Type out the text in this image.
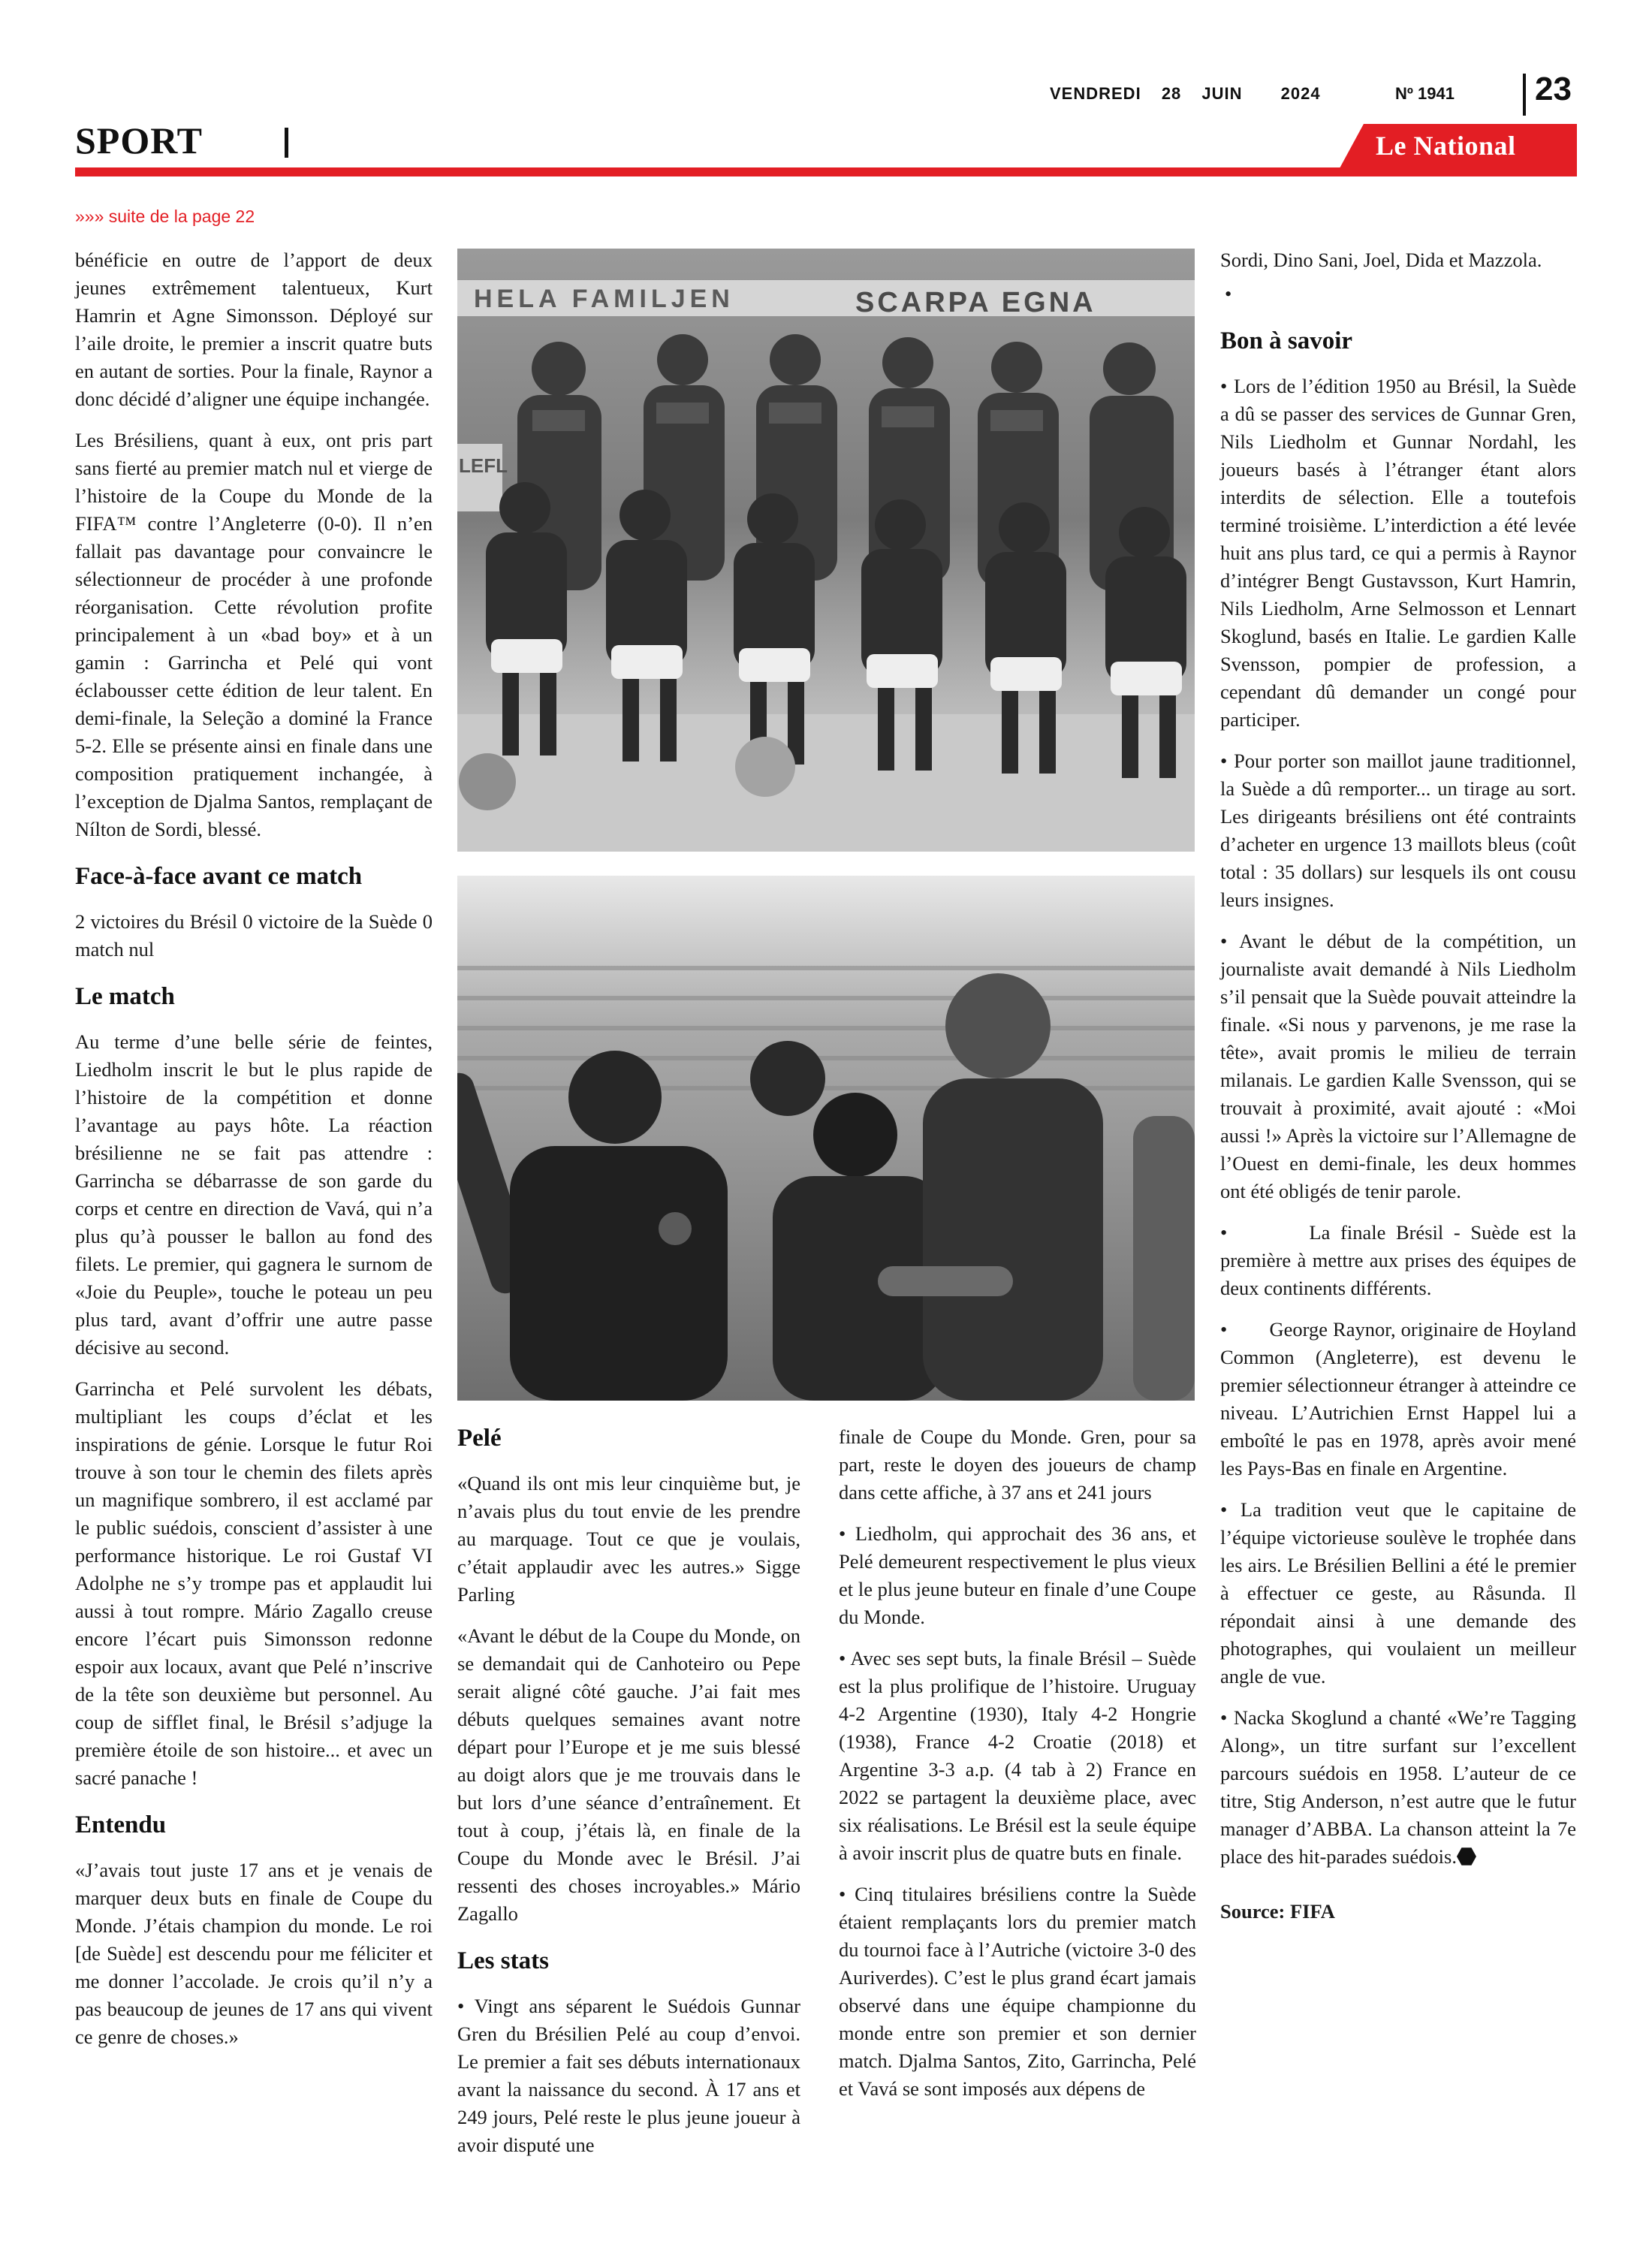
VENDREDI 28 JUIN 2024	Nº 1941 23
SPORT	Le National
»»» suite de la page 22

bénéficie en outre de l’apport de deux jeunes extrêmement talentueux, Kurt Hamrin et Agne Simonsson. Déployé sur l’aile droite, le premier a inscrit quatre buts en autant de sorties. Pour la finale, Raynor a donc décidé d’aligner une équipe inchangée.

Les Brésiliens, quant à eux, ont pris part sans fierté au premier match nul et vierge de l’histoire de la Coupe du Monde de la FIFA™ contre l’Angleterre (0-0). Il n’en fallait pas davantage pour convaincre le sélectionneur de procéder à une profonde réorganisation. Cette révolution profite principalement à un «bad boy» et à un gamin : Garrincha et Pelé qui vont éclabousser cette édition de leur talent. En demi-finale, la Seleção a dominé la France 5-2. Elle se présente ainsi en finale dans une composition pratiquement inchangée, à l’exception de Djalma Santos, remplaçant de Nílton de Sordi, blessé.

Face-à-face avant ce match

2 victoires du Brésil 0 victoire de la Suède 0 match nul

Le match

Au terme d’une belle série de feintes, Liedholm inscrit le but le plus rapide de l’histoire de la compétition et donne l’avantage au pays hôte. La réaction brésilienne ne se fait pas attendre : Garrincha se débarrasse de son garde du corps et centre en direction de Vavá, qui n’a plus qu’à pousser le ballon au fond des filets. Le premier, qui gagnera le surnom de «Joie du Peuple», touche le poteau un peu plus tard, avant d’offrir une autre passe décisive au second.

Garrincha et Pelé survolent les débats, multipliant les coups d’éclat et les inspirations de génie. Lorsque le futur Roi trouve à son tour le chemin des filets après un magnifique sombrero, il est acclamé par le public suédois, conscient d’assister à une performance historique. Le roi Gustaf VI Adolphe ne s’y trompe pas et applaudit lui aussi à tout rompre. Mário Zagallo creuse encore l’écart puis Simonsson redonne espoir aux locaux, avant que Pelé n’inscrive de la tête son deuxième but personnel. Au coup de sifflet final, le Brésil s’adjuge la première étoile de son histoire... et avec un sacré panache !

Entendu

«J’avais tout juste 17 ans et je venais de marquer deux buts en finale de Coupe du Monde. J’étais champion du monde. Le roi [de Suède] est descendu pour me féliciter et me donner l’accolade. Je crois qu’il n’y a pas beaucoup de jeunes de 17 ans qui vivent ce genre de choses.»

HELA FAMILJEN	SCARPA EGNA
LEFL
Pelé

«Quand ils ont mis leur cinquième but, je n’avais plus du tout envie de les prendre au marquage. Tout ce que je voulais, c’était applaudir avec les autres.» Sigge Parling

«Avant le début de la Coupe du Monde, on se demandait qui de Canhoteiro ou Pepe serait aligné côté gauche. J’ai fait mes débuts quelques semaines avant notre départ pour l’Europe et je me suis blessé au doigt alors que je me trouvais dans le but lors d’une séance d’entraînement. Et tout à coup, j’étais là, en finale de la Coupe du Monde avec le Brésil. J’ai ressenti des choses incroyables.» Mário Zagallo

Les stats

• Vingt ans séparent le Suédois Gunnar Gren du Brésilien Pelé au coup d’envoi. Le premier a fait ses débuts internationaux avant la naissance du second. À 17 ans et 249 jours, Pelé reste le plus jeune joueur à avoir disputé une

finale de Coupe du Monde. Gren, pour sa part, reste le doyen des joueurs de champ dans cette affiche, à 37 ans et 241 jours

• Liedholm, qui approchait des 36 ans, et Pelé demeurent respectivement le plus vieux et le plus jeune buteur en finale d’une Coupe du Monde.

• Avec ses sept buts, la finale Brésil – Suède est la plus prolifique de l’histoire. Uruguay 4-2 Argentine (1930), Italy 4-2 Hongrie (1938), France 4-2 Croatie (2018) et Argentine 3-3 a.p. (4 tab à 2) France en 2022 se partagent la deuxième place, avec six réalisations. Le Brésil est la seule équipe à avoir inscrit plus de quatre buts en finale.

• Cinq titulaires brésiliens contre la Suède étaient remplaçants lors du premier match du tournoi face à l’Autriche (victoire 3-0 des Auriverdes). C’est le plus grand écart jamais observé dans une équipe championne du monde entre son premier et son dernier match. Djalma Santos, Zito, Garrincha, Pelé et Vavá se sont imposés aux dépens de

Sordi, Dino Sani, Joel, Dida et Mazzola.

•

Bon à savoir

• Lors de l’édition 1950 au Brésil, la Suède a dû se passer des services de Gunnar Gren, Nils Liedholm et Gunnar Nordahl, les joueurs basés à l’étranger étant alors interdits de sélection. Elle a toutefois terminé troisième. L’interdiction a été levée huit ans plus tard, ce qui a permis à Raynor d’intégrer Bengt Gustavsson, Kurt Hamrin, Nils Liedholm, Arne Selmosson et Lennart Skoglund, basés en Italie. Le gardien Kalle Svensson, pompier de profession, a cependant dû demander un congé pour participer.

• Pour porter son maillot jaune traditionnel, la Suède a dû remporter... un tirage au sort. Les dirigeants brésiliens ont été contraints d’acheter en urgence 13 maillots bleus (coût total : 35 dollars) sur lesquels ils ont cousu leurs insignes.

• Avant le début de la compétition, un journaliste avait demandé à Nils Liedholm s’il pensait que la Suède pouvait atteindre la finale. «Si nous y parvenons, je me rase la tête», avait promis le milieu de terrain milanais. Le gardien Kalle Svensson, qui se trouvait à proximité, avait ajouté : «Moi aussi !» Après la victoire sur l’Allemagne de l’Ouest en demi-finale, les deux hommes ont été obligés de tenir parole.

•        La finale Brésil - Suède est la première à mettre aux prises des équipes de deux continents différents.

•        George Raynor, originaire de Hoyland Common (Angleterre), est devenu le premier sélectionneur étranger à atteindre ce niveau. L’Autrichien Ernst Happel lui a emboîté le pas en 1978, après avoir mené les Pays-Bas en finale en Argentine.

• La tradition veut que le capitaine de l’équipe victorieuse soulève le trophée dans les airs. Le Brésilien Bellini a été le premier à effectuer ce geste, au Råsunda. Il répondait ainsi à une demande des photographes, qui voulaient un meilleur angle de vue.

• Nacka Skoglund a chanté «We’re Tagging Along», un titre surfant sur l’excellent parcours suédois en 1958. L’auteur de ce titre, Stig Anderson, n’est autre que le futur manager d’ABBA. La chanson atteint la 7e place des hit-parades suédois.

Source: FIFA
